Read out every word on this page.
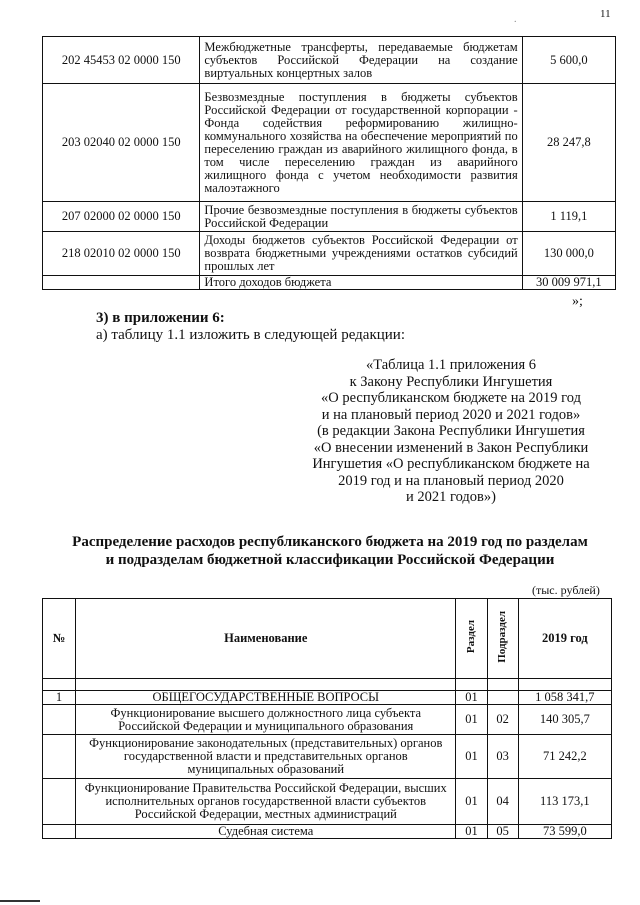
.	11
202 45453 02 0000 150	Межбюджетные трансферты, передаваемые бюджетам субъектов Российской Федерации на создание виртуальных концертных залов	5 600,0
203 02040 02 0000 150	Безвозмездные поступления в бюджеты субъектов Российской Федерации от государственной корпорации - Фонда содействия реформированию жилищно-коммунального хозяйства на обеспечение мероприятий по переселению граждан из аварийного жилищного фонда, в том числе переселению граждан из аварийного жилищного фонда с учетом необходимости развития малоэтажного	28 247,8
207 02000 02 0000 150	Прочие безвозмездные поступления в бюджеты субъектов Российской Федерации	1 119,1
218 02010 02 0000 150	Доходы бюджетов субъектов Российской Федерации от возврата бюджетными учреждениями остатков субсидий прошлых лет	130 000,0
	Итого доходов бюджета	30 009 971,1
»;
3) в приложении 6:
а) таблицу 1.1 изложить в следующей редакции:
«Таблица 1.1 приложения 6
к Закону Республики Ингушетия
«О республиканском бюджете на 2019 год
и на плановый период 2020 и 2021 годов»
(в редакции Закона Республики Ингушетия
«О внесении изменений в Закон Республики
Ингушетия «О республиканском бюджете на
2019 год и на плановый период 2020
и 2021 годов»)
Распределение расходов республиканского бюджета на 2019 год по разделам
и подразделам бюджетной классификации Российской Федерации
(тыс. рублей)
№	Наименование	Раздел	Подраздел	2019 год

1	ОБЩЕГОСУДАРСТВЕННЫЕ ВОПРОСЫ	01		1 058 341,7
	Функционирование высшего должностного лица субъекта Российской Федерации и муниципального образования	01	02	140 305,7
	Функционирование законодательных (представительных) органов государственной власти и представительных органов муниципальных образований	01	03	71 242,2
	Функционирование Правительства Российской Федерации, высших исполнительных органов государственной власти субъектов Российской Федерации, местных администраций	01	04	113 173,1
	Судебная система	01	05	73 599,0
